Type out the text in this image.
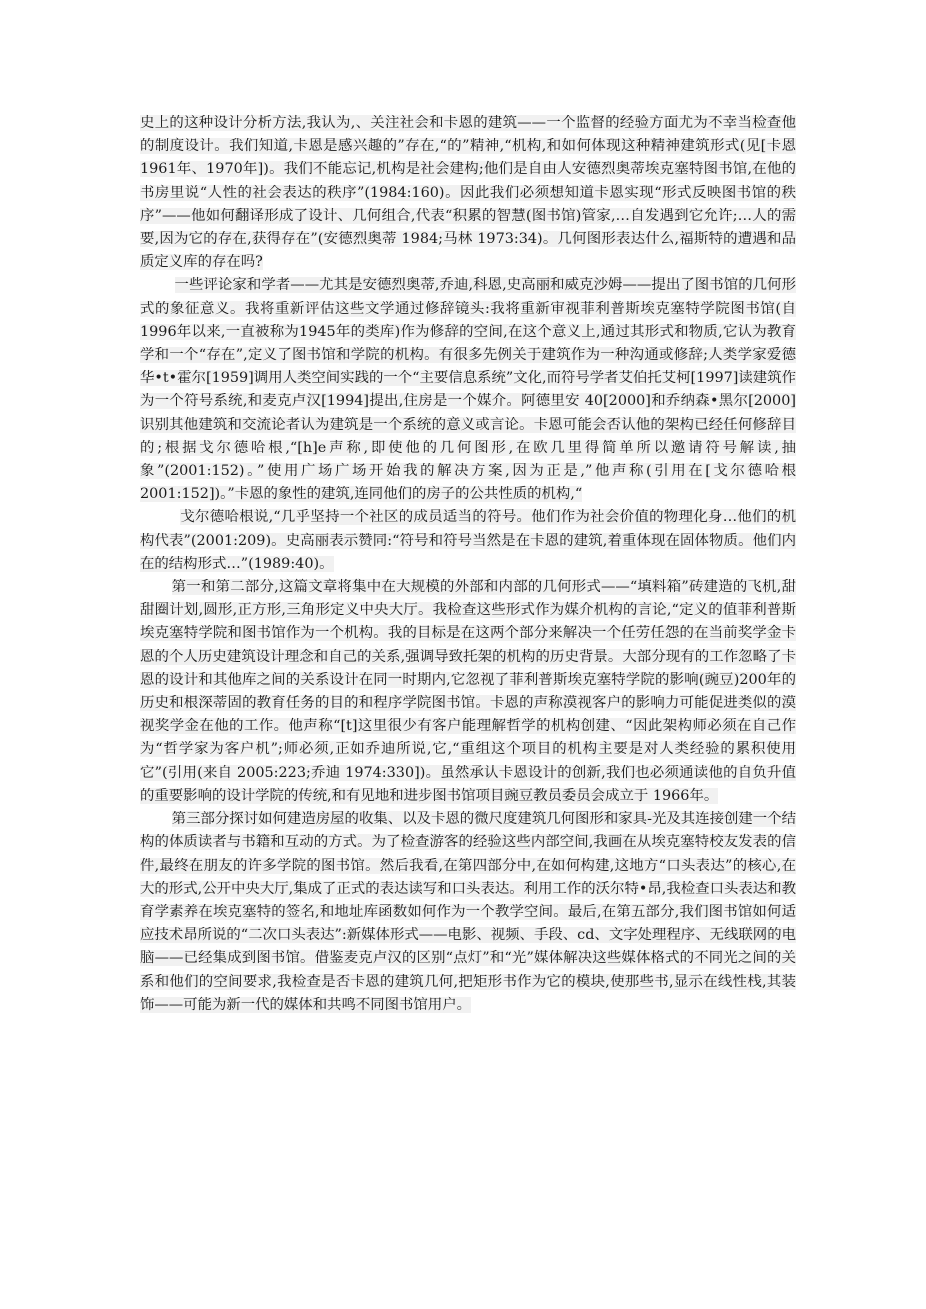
史上的这种设计分析方法,我认为,、关注社会和卡恩的建筑——一个监督的经验方面尤为不幸当检查他的制度设计。我们知道,卡恩是感兴趣的”存在,“的”精神,“机构,和如何体现这种精神建筑形式(见[卡恩 1961年、1970年])。我们不能忘记,机构是社会建构;他们是自由人安德烈奥蒂埃克塞特图书馆,在他的书房里说“人性的社会表达的秩序”(1984:160)。因此我们必须想知道卡恩实现“形式反映图书馆的秩序”——他如何翻译形成了设计、几何组合,代表“积累的智慧(图书馆)管家,…自发遇到它允许;…人的需要,因为它的存在,获得存在”(安德烈奥蒂 1984;马林 1973:34)。几何图形表达什么,福斯特的遭遇和品质定义库的存在吗?

一些评论家和学者——尤其是安德烈奥蒂,乔迪,科恩,史高丽和威克沙姆——提出了图书馆的几何形式的象征意义。我将重新评估这些文学通过修辞镜头:我将重新审视菲利普斯埃克塞特学院图书馆(自1996年以来,一直被称为1945年的类库)作为修辞的空间,在这个意义上,通过其形式和物质,它认为教育学和一个“存在”,定义了图书馆和学院的机构。有很多先例关于建筑作为一种沟通或修辞;人类学家爱德华•t•霍尔[1959]调用人类空间实践的一个“主要信息系统”文化,而符号学者艾伯托艾柯[1997]读建筑作为一个符号系统,和麦克卢汉[1994]提出,住房是一个媒介。阿德里安 40[2000]和乔纳森•黑尔[2000]识别其他建筑和交流论者认为建筑是一个系统的意义或言论。卡恩可能会否认他的架构已经任何修辞目的;根据戈尔德哈根,“[h]e声称,即使他的几何图形,在欧几里得简单所以邀请符号解读,抽象”(2001:152)。”使用广场广场开始我的解决方案,因为正是,”他声称(引用在[戈尔德哈根 2001:152])。”卡恩的象性的建筑,连同他们的房子的公共性质的机构,“

戈尔德哈根说,“几乎坚持一个社区的成员适当的符号。他们作为社会价值的物理化身…他们的机构代表”(2001:209)。史高丽表示赞同:“符号和符号当然是在卡恩的建筑,着重体现在固体物质。他们内在的结构形式…”(1989:40)。

第一和第二部分,这篇文章将集中在大规模的外部和内部的几何形式——“填料箱”砖建造的飞机,甜甜圈计划,圆形,正方形,三角形定义中央大厅。我检查这些形式作为媒介机构的言论,“定义的值菲利普斯埃克塞特学院和图书馆作为一个机构。我的目标是在这两个部分来解决一个任劳任怨的在当前奖学金卡恩的个人历史建筑设计理念和自己的关系,强调导致托架的机构的历史背景。大部分现有的工作忽略了卡恩的设计和其他库之间的关系设计在同一时期内,它忽视了菲利普斯埃克塞特学院的影响(豌豆)200年的历史和根深蒂固的教育任务的目的和程序学院图书馆。卡恩的声称漠视客户的影响力可能促进类似的漠视奖学金在他的工作。他声称“[t]这里很少有客户能理解哲学的机构创建、“因此架构师必须在自己作为“哲学家为客户机”;师必须,正如乔迪所说,它,“重组这个项目的机构主要是对人类经验的累积使用它”(引用(来自 2005:223;乔迪 1974:330])。虽然承认卡恩设计的创新,我们也必须通读他的自负升值的重要影响的设计学院的传统,和有见地和进步图书馆项目豌豆教员委员会成立于 1966年。

第三部分探讨如何建造房屋的收集、以及卡恩的微尺度建筑几何图形和家具-光及其连接创建一个结构的体质读者与书籍和互动的方式。为了检查游客的经验这些内部空间,我画在从埃克塞特校友发表的信件,最终在朋友的许多学院的图书馆。然后我看,在第四部分中,在如何构建,这地方“口头表达”的核心,在大的形式,公开中央大厅,集成了正式的表达读写和口头表达。利用工作的沃尔特•昂,我检查口头表达和教育学素养在埃克塞特的签名,和地址库函数如何作为一个教学空间。最后,在第五部分,我们图书馆如何适应技术昂所说的“二次口头表达”:新媒体形式——电影、视频、手段、cd、文字处理程序、无线联网的电脑——已经集成到图书馆。借鉴麦克卢汉的区别“点灯”和“光”媒体解决这些媒体格式的不同光之间的关系和他们的空间要求,我检查是否卡恩的建筑几何,把矩形书作为它的模块,使那些书,显示在线性栈,其装饰——可能为新一代的媒体和共鸣不同图书馆用户。
